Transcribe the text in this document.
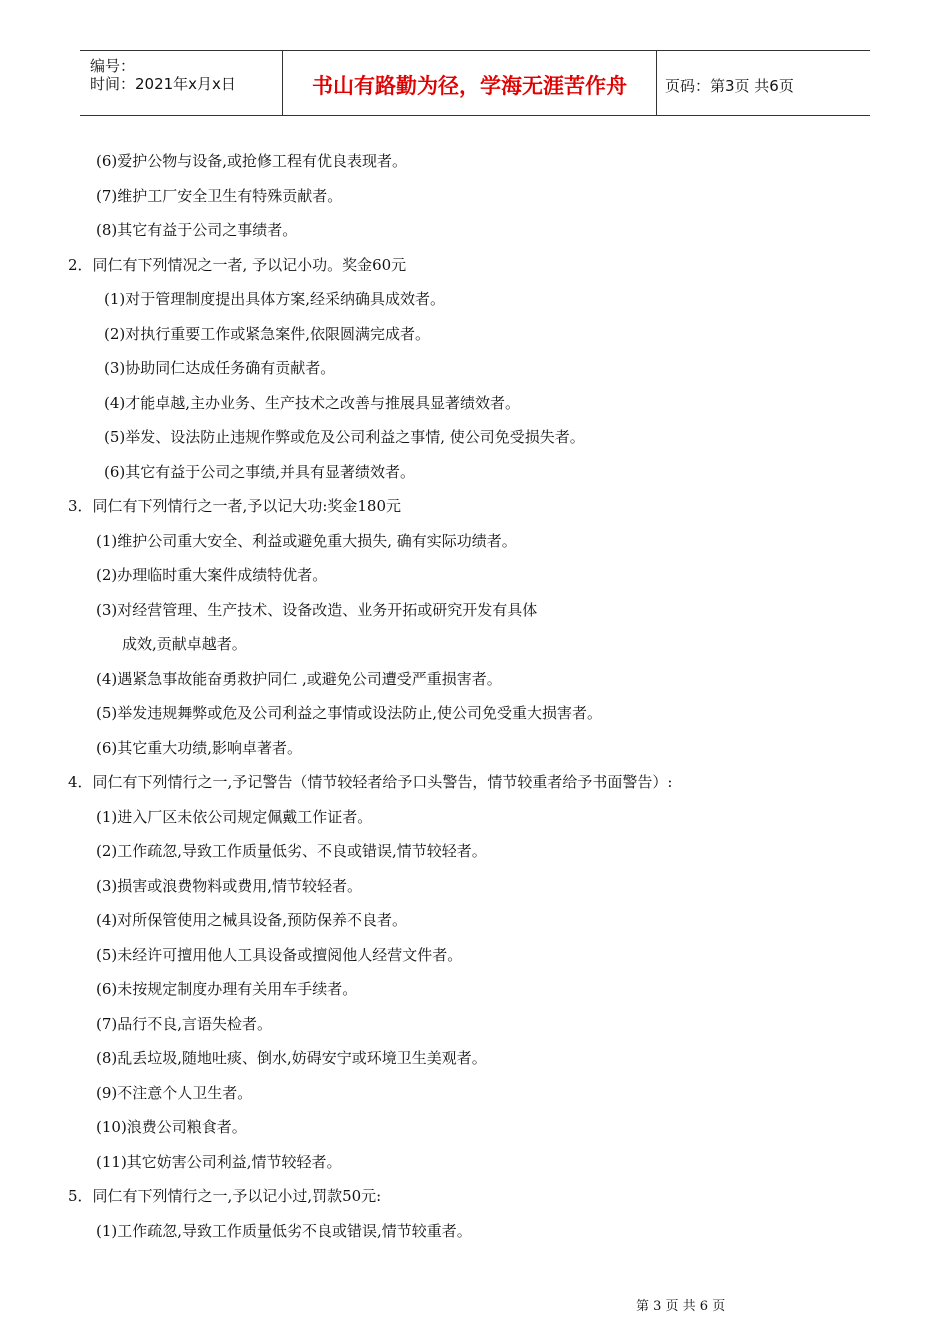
编号：
时间：2021年x月x日	书山有路勤为径，学海无涯苦作舟	页码：第3页 共6页
(6)爱护公物与设备,或抢修工程有优良表现者。
(7)维护工厂安全卫生有特殊贡献者。
(8)其它有益于公司之事绩者。
2．同仁有下列情况之一者, 予以记小功。奖金60元
(1)对于管理制度提出具体方案,经采纳确具成效者。
(2)对执行重要工作或紧急案件,依限圆满完成者。
(3)协助同仁达成任务确有贡献者。
(4)才能卓越,主办业务、生产技术之改善与推展具显著绩效者。
(5)举发、设法防止违规作弊或危及公司利益之事情, 使公司免受损失者。
(6)其它有益于公司之事绩,并具有显著绩效者。
3．同仁有下列情行之一者,予以记大功:奖金180元
(1)维护公司重大安全、利益或避免重大损失, 确有实际功绩者。
(2)办理临时重大案件成绩特优者。
(3)对经营管理、生产技术、设备改造、业务开拓或研究开发有具体
成效,贡献卓越者。
(4)遇紧急事故能奋勇救护同仁 ,或避免公司遭受严重损害者。
(5)举发违规舞弊或危及公司利益之事情或设法防止,使公司免受重大损害者。
(6)其它重大功绩,影响卓著者。
4．同仁有下列情行之一,予记警告（情节较轻者给予口头警告，情节较重者给予书面警告）:
(1)进入厂区未依公司规定佩戴工作证者。
(2)工作疏忽,导致工作质量低劣、不良或错误,情节较轻者。
(3)损害或浪费物料或费用,情节较轻者。
(4)对所保管使用之械具设备,预防保养不良者。
(5)未经许可擅用他人工具设备或擅阅他人经营文件者。
(6)未按规定制度办理有关用车手续者。
(7)品行不良,言语失检者。
(8)乱丢垃圾,随地吐痰、倒水,妨碍安宁或环境卫生美观者。
(9)不注意个人卫生者。
(10)浪费公司粮食者。
(11)其它妨害公司利益,情节较轻者。
5．同仁有下列情行之一,予以记小过,罚款50元:
(1)工作疏忽,导致工作质量低劣不良或错误,情节较重者。
第 3 页 共 6 页
